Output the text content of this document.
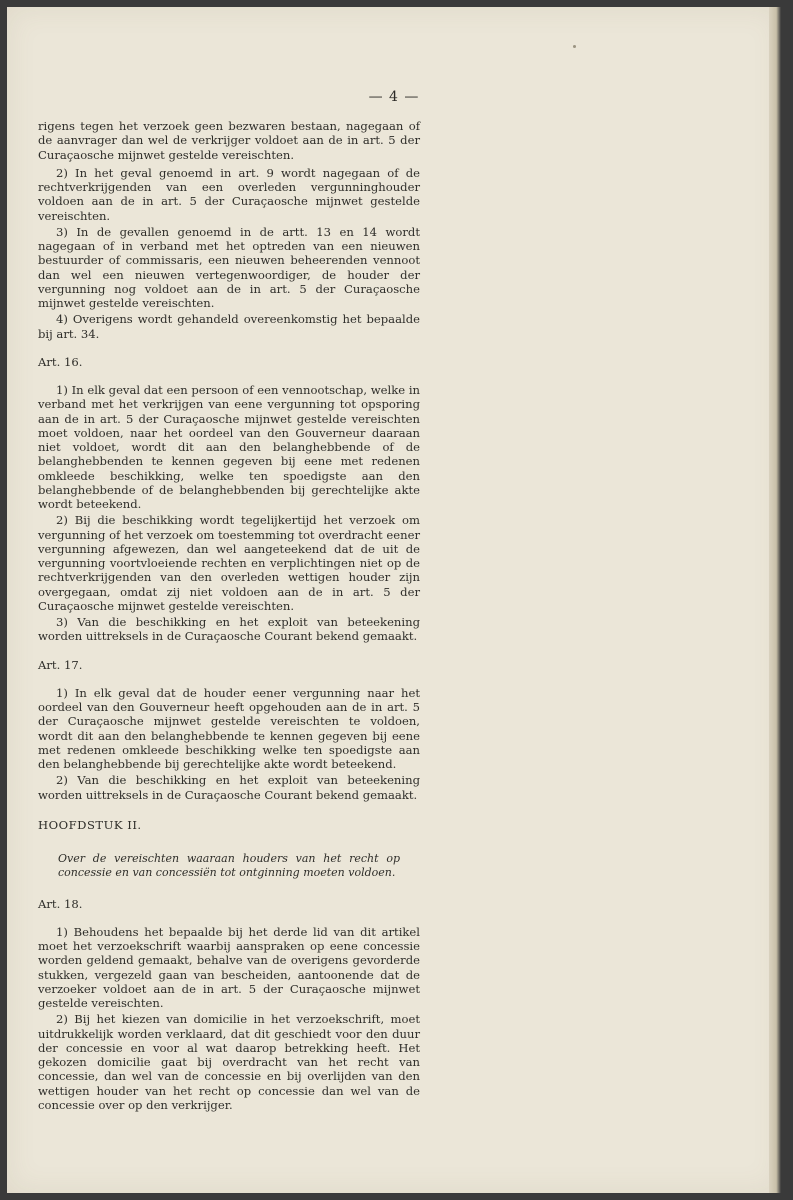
— 4 —

rigens tegen het verzoek geen bezwaren bestaan, nagegaan of de aanvrager dan wel de verkrijger voldoet aan de in art. 5 der Curaçaosche mijnwet gestelde vereischten.

2) In het geval genoemd in art. 9 wordt nagegaan of de rechtverkrijgenden van een overleden vergunninghouder voldoen aan de in art. 5 der Curaçaosche mijnwet gestelde vereischten.

3) In de gevallen genoemd in de artt. 13 en 14 wordt nagegaan of in verband met het optreden van een nieuwen bestuurder of commissaris, een nieuwen beheerenden vennoot dan wel een nieuwen vertegenwoordiger, de houder der vergunning nog voldoet aan de in art. 5 der Curaçaosche mijnwet gestelde vereischten.

4) Overigens wordt gehandeld overeenkomstig het bepaalde bij art. 34.

Art. 16.

1) In elk geval dat een persoon of een vennootschap, welke in verband met het verkrijgen van eene vergunning tot opsporing aan de in art. 5 der Curaçaosche mijnwet gestelde vereischten moet voldoen, naar het oordeel van den Gouverneur daaraan niet voldoet, wordt dit aan den belanghebbende of de belanghebbenden te kennen gegeven bij eene met redenen omkleede beschikking, welke ten spoedigste aan den belanghebbende of de belanghebbenden bij gerechtelijke akte wordt beteekend.

2) Bij die beschikking wordt tegelijkertijd het verzoek om vergunning of het verzoek om toestemming tot overdracht eener vergunning afgewezen, dan wel aangeteekend dat de uit de vergunning voortvloeiende rechten en verplichtingen niet op de rechtverkrijgenden van den overleden wettigen houder zijn overgegaan, omdat zij niet voldoen aan de in art. 5 der Curaçaosche mijnwet gestelde vereischten.

3) Van die beschikking en het exploit van beteekening worden uittreksels in de Curaçaosche Courant bekend gemaakt.

Art. 17.

1) In elk geval dat de houder eener vergunning naar het oordeel van den Gouverneur heeft opgehouden aan de in art. 5 der Curaçaosche mijnwet gestelde vereischten te voldoen, wordt dit aan den belanghebbende te kennen gegeven bij eene met redenen omkleede beschikking welke ten spoedigste aan den belanghebbende bij gerechtelijke akte wordt beteekend.

2) Van die beschikking en het exploit van beteekening worden uittreksels in de Curaçaosche Courant bekend gemaakt.

HOOFDSTUK II.

Over de vereischten waaraan houders van het recht op concessie en van concessiën tot ontginning moeten voldoen.

Art. 18.

1) Behoudens het bepaalde bij het derde lid van dit artikel moet het verzoekschrift waarbij aanspraken op eene concessie worden geldend gemaakt, behalve van de overigens gevorderde stukken, vergezeld gaan van bescheiden, aantoonende dat de verzoeker voldoet aan de in art. 5 der Curaçaosche mijnwet gestelde vereischten.

2) Bij het kiezen van domicilie in het verzoekschrift, moet uitdrukkelijk worden verklaard, dat dit geschiedt voor den duur der concessie en voor al wat daarop betrekking heeft. Het gekozen domicilie gaat bij overdracht van het recht van concessie, dan wel van de concessie en bij overlijden van den wettigen houder van het recht op concessie dan wel van de concessie over op den verkrijger.
